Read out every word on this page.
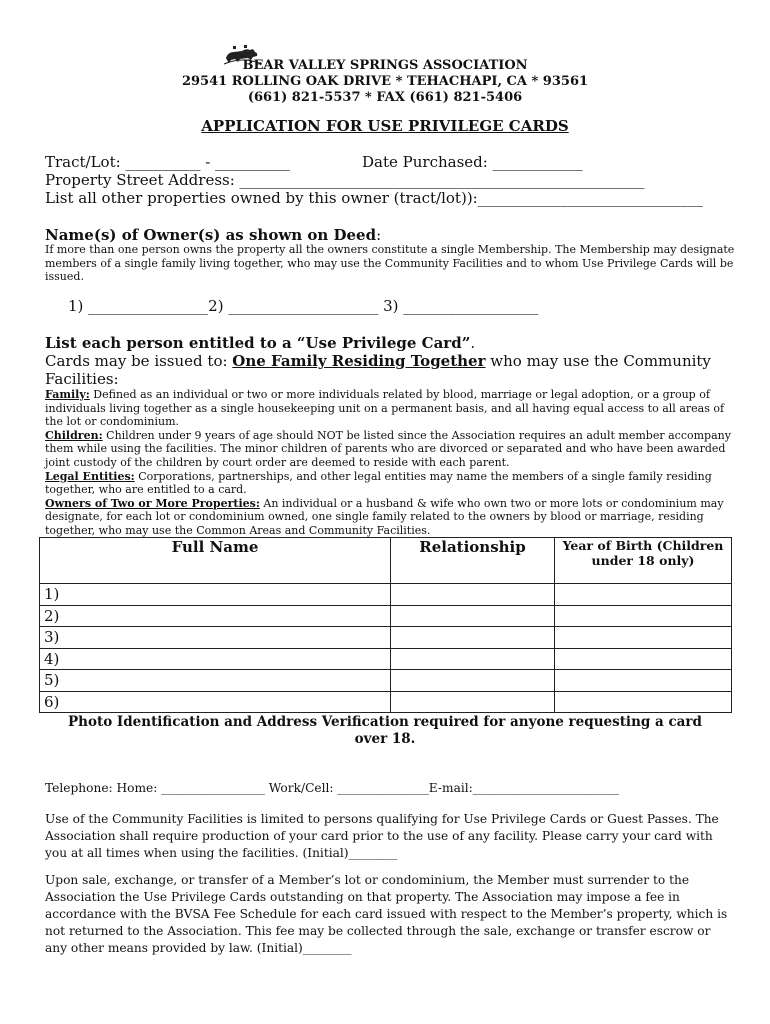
BEAR VALLEY SPRINGS ASSOCIATION
29541 ROLLING OAK DRIVE * TEHACHAPI, CA * 93561
(661) 821-5537 * FAX (661) 821-5406
APPLICATION FOR USE PRIVILEGE CARDS
Tract/Lot: __________ - __________	Date Purchased: ____________
Property Street Address: ______________________________________________________
List all other properties owned by this owner (tract/lot)):______________________________
Name(s) of Owner(s) as shown on Deed:
If more than one person owns the property all the owners constitute a single Membership. The Membership may designate members of a single family living together, who may use the Community Facilities and to whom Use Privilege Cards will be issued.
1) ________________2) ____________________ 3) __________________
List each person entitled to a “Use Privilege Card”.
Cards may be issued to: One Family Residing Together who may use the Community Facilities:
Family: Defined as an individual or two or more individuals related by blood, marriage or legal adoption, or a group of individuals living together as a single housekeeping unit on a permanent basis, and all having equal access to all areas of the lot or condominium.
Children: Children under 9 years of age should NOT be listed since the Association requires an adult member accompany them while using the facilities. The minor children of parents who are divorced or separated and who have been awarded joint custody of the children by court order are deemed to reside with each parent.
Legal Entities: Corporations, partnerships, and other legal entities may name the members of a single family residing together, who are entitled to a card.
Owners of Two or More Properties: An individual or a husband & wife who own two or more lots or condominium may designate, for each lot or condominium owned, one single family related to the owners by blood or marriage, residing together, who may use the Common Areas and Community Facilities.
Full Name	Relationship	Year of Birth (Children under 18 only)
1)		
2)		
3)		
4)		
5)		
6)		
Photo Identification and Address Verification required for anyone requesting a card over 18.
Telephone: Home: _________________ Work/Cell: _______________E-mail:________________________
Use of the Community Facilities is limited to persons qualifying for Use Privilege Cards or Guest Passes. The Association shall require production of your card prior to the use of any facility. Please carry your card with you at all times when using the facilities. (Initial)________
Upon sale, exchange, or transfer of a Member’s lot or condominium, the Member must surrender to the Association the Use Privilege Cards outstanding on that property. The Association may impose a fee in accordance with the BVSA Fee Schedule for each card issued with respect to the Member’s property, which is not returned to the Association. This fee may be collected through the sale, exchange or transfer escrow or any other means provided by law. (Initial)________
